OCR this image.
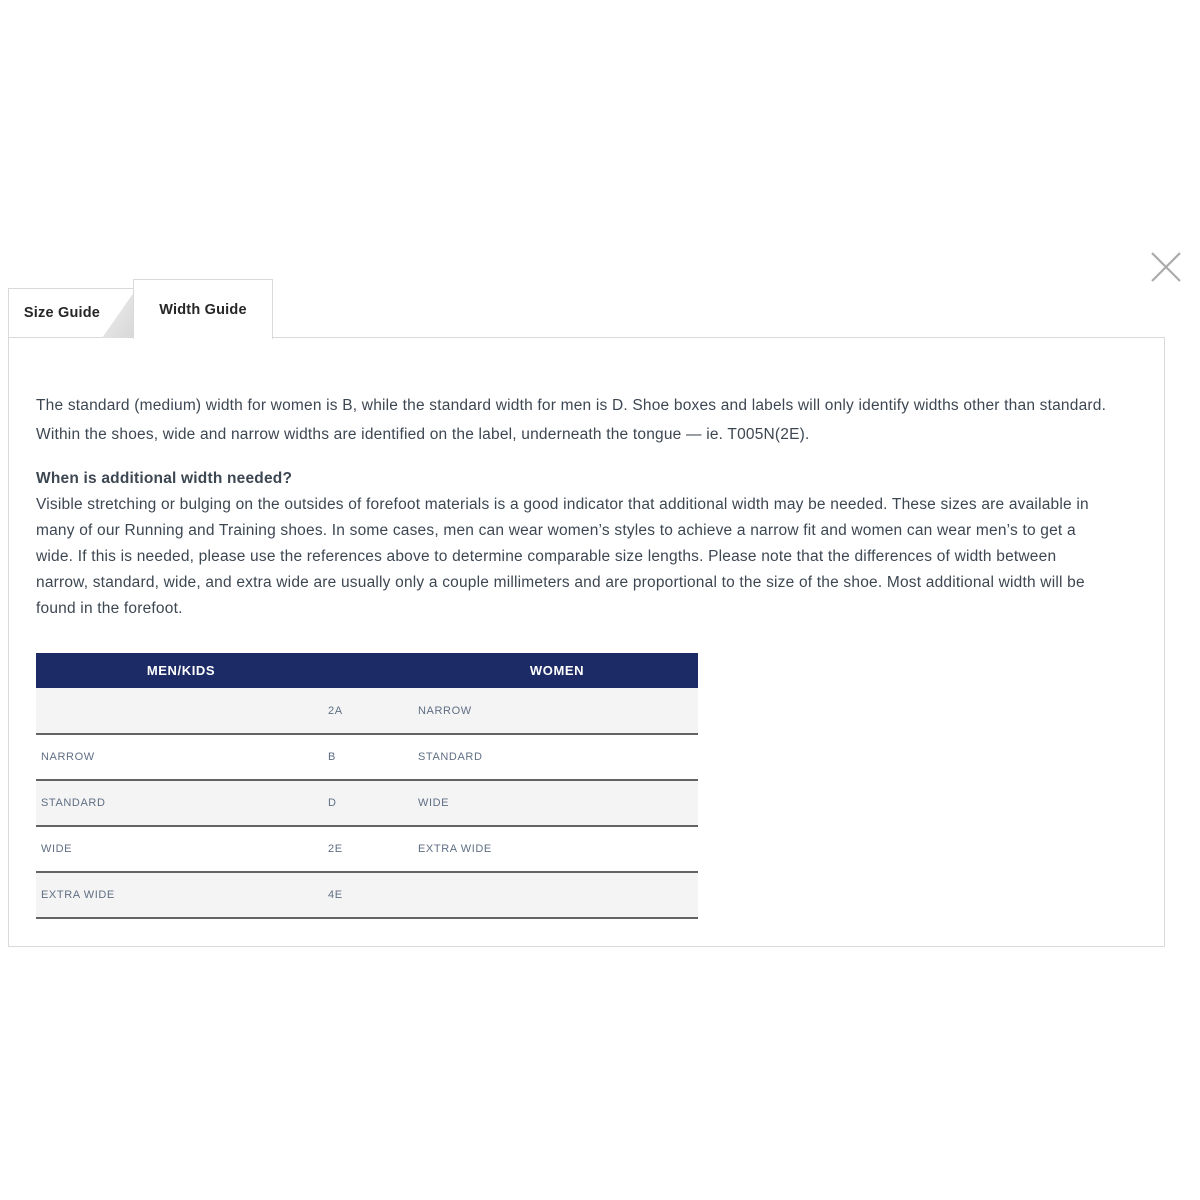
Size Guide	Width Guide

The standard (medium) width for women is B, while the standard width for men is D. Shoe boxes and labels will only identify widths other than standard. Within the shoes, wide and narrow widths are identified on the label, underneath the tongue — ie. T005N(2E).

When is additional width needed?

Visible stretching or bulging on the outsides of forefoot materials is a good indicator that additional width may be needed. These sizes are available in many of our Running and Training shoes. In some cases, men can wear women’s styles to achieve a narrow fit and women can wear men’s to get a wide. If this is needed, please use the references above to determine comparable size lengths. Please note that the differences of width between narrow, standard, wide, and extra wide are usually only a couple millimeters and are proportional to the size of the shoe. Most additional width will be found in the forefoot.

MEN/KIDS		WOMEN
	2A	NARROW
NARROW	B	STANDARD
STANDARD	D	WIDE
WIDE	2E	EXTRA WIDE
EXTRA WIDE	4E	
